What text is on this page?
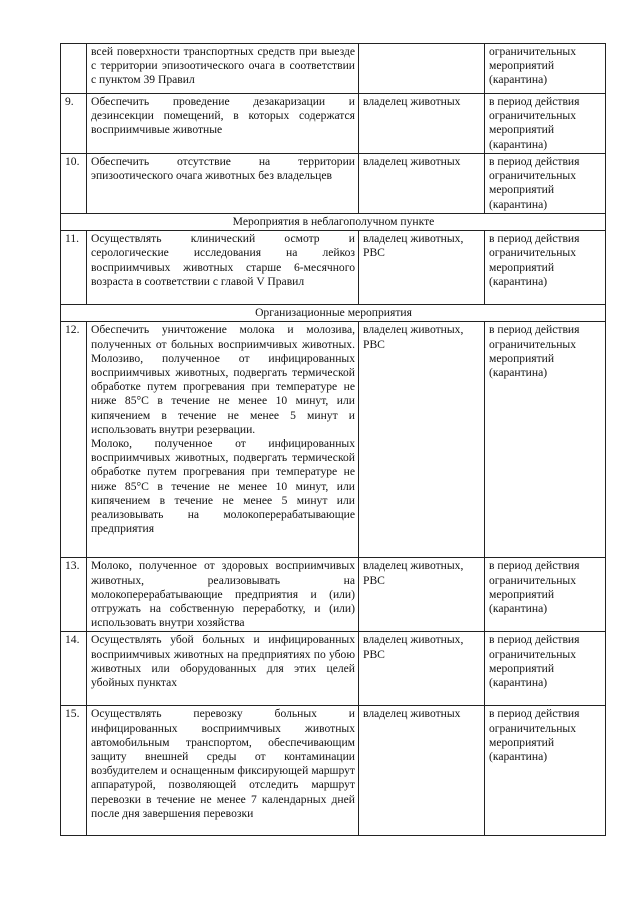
	всей поверхности транспортных средств при выезде с территории эпизоотического очага в соответствии с пунктом 39 Правил		ограничительных мероприятий (карантина)
9.	Обеспечить проведение дезакаризации и дезинсекции помещений, в которых содержатся восприимчивые животные	владелец животных	в период действия ограничительных мероприятий (карантина)
10.	Обеспечить отсутствие на территории эпизоотического очага животных без владельцев	владелец животных	в период действия ограничительных мероприятий (карантина)
Мероприятия в неблагополучном пункте			
11.	Осуществлять клинический осмотр и серологические исследования на лейкоз восприимчивых животных старше 6-месячного возраста в соответствии с главой V Правил	владелец животных, РВС	в период действия ограничительных мероприятий (карантина)
Организационные мероприятия			
12.	Обеспечить уничтожение молока и молозива, полученных от больных восприимчивых животных. Молозиво, полученное от инфицированных восприимчивых животных, подвергать термической обработке путем прогревания при температуре не ниже 85°С в течение не менее 10 минут, или кипячением в течение не менее 5 минут и использовать внутри резервации.
Молоко, полученное от инфицированных восприимчивых животных, подвергать термической обработке путем прогревания при температуре не ниже 85°С в течение не менее 10 минут, или кипячением в течение не менее 5 минут или реализовывать на молокоперерабатывающие предприятия	владелец животных, РВС	в период действия ограничительных мероприятий (карантина)
13.	Молоко, полученное от здоровых восприимчивых животных, реализовывать на молокоперерабатывающие предприятия и (или) отгружать на собственную переработку, и (или) использовать внутри хозяйства	владелец животных, РВС	в период действия ограничительных мероприятий (карантина)
14.	Осуществлять убой больных и инфицированных восприимчивых животных на предприятиях по убою животных или оборудованных для этих целей убойных пунктах	владелец животных, РВС	в период действия ограничительных мероприятий (карантина)
15.	Осуществлять перевозку больных и инфицированных восприимчивых животных автомобильным транспортом, обеспечивающим защиту внешней среды от контаминации возбудителем и оснащенным фиксирующей маршрут аппаратурой, позволяющей отследить маршрут перевозки в течение не менее 7 календарных дней после дня завершения перевозки	владелец животных	в период действия ограничительных мероприятий (карантина)
